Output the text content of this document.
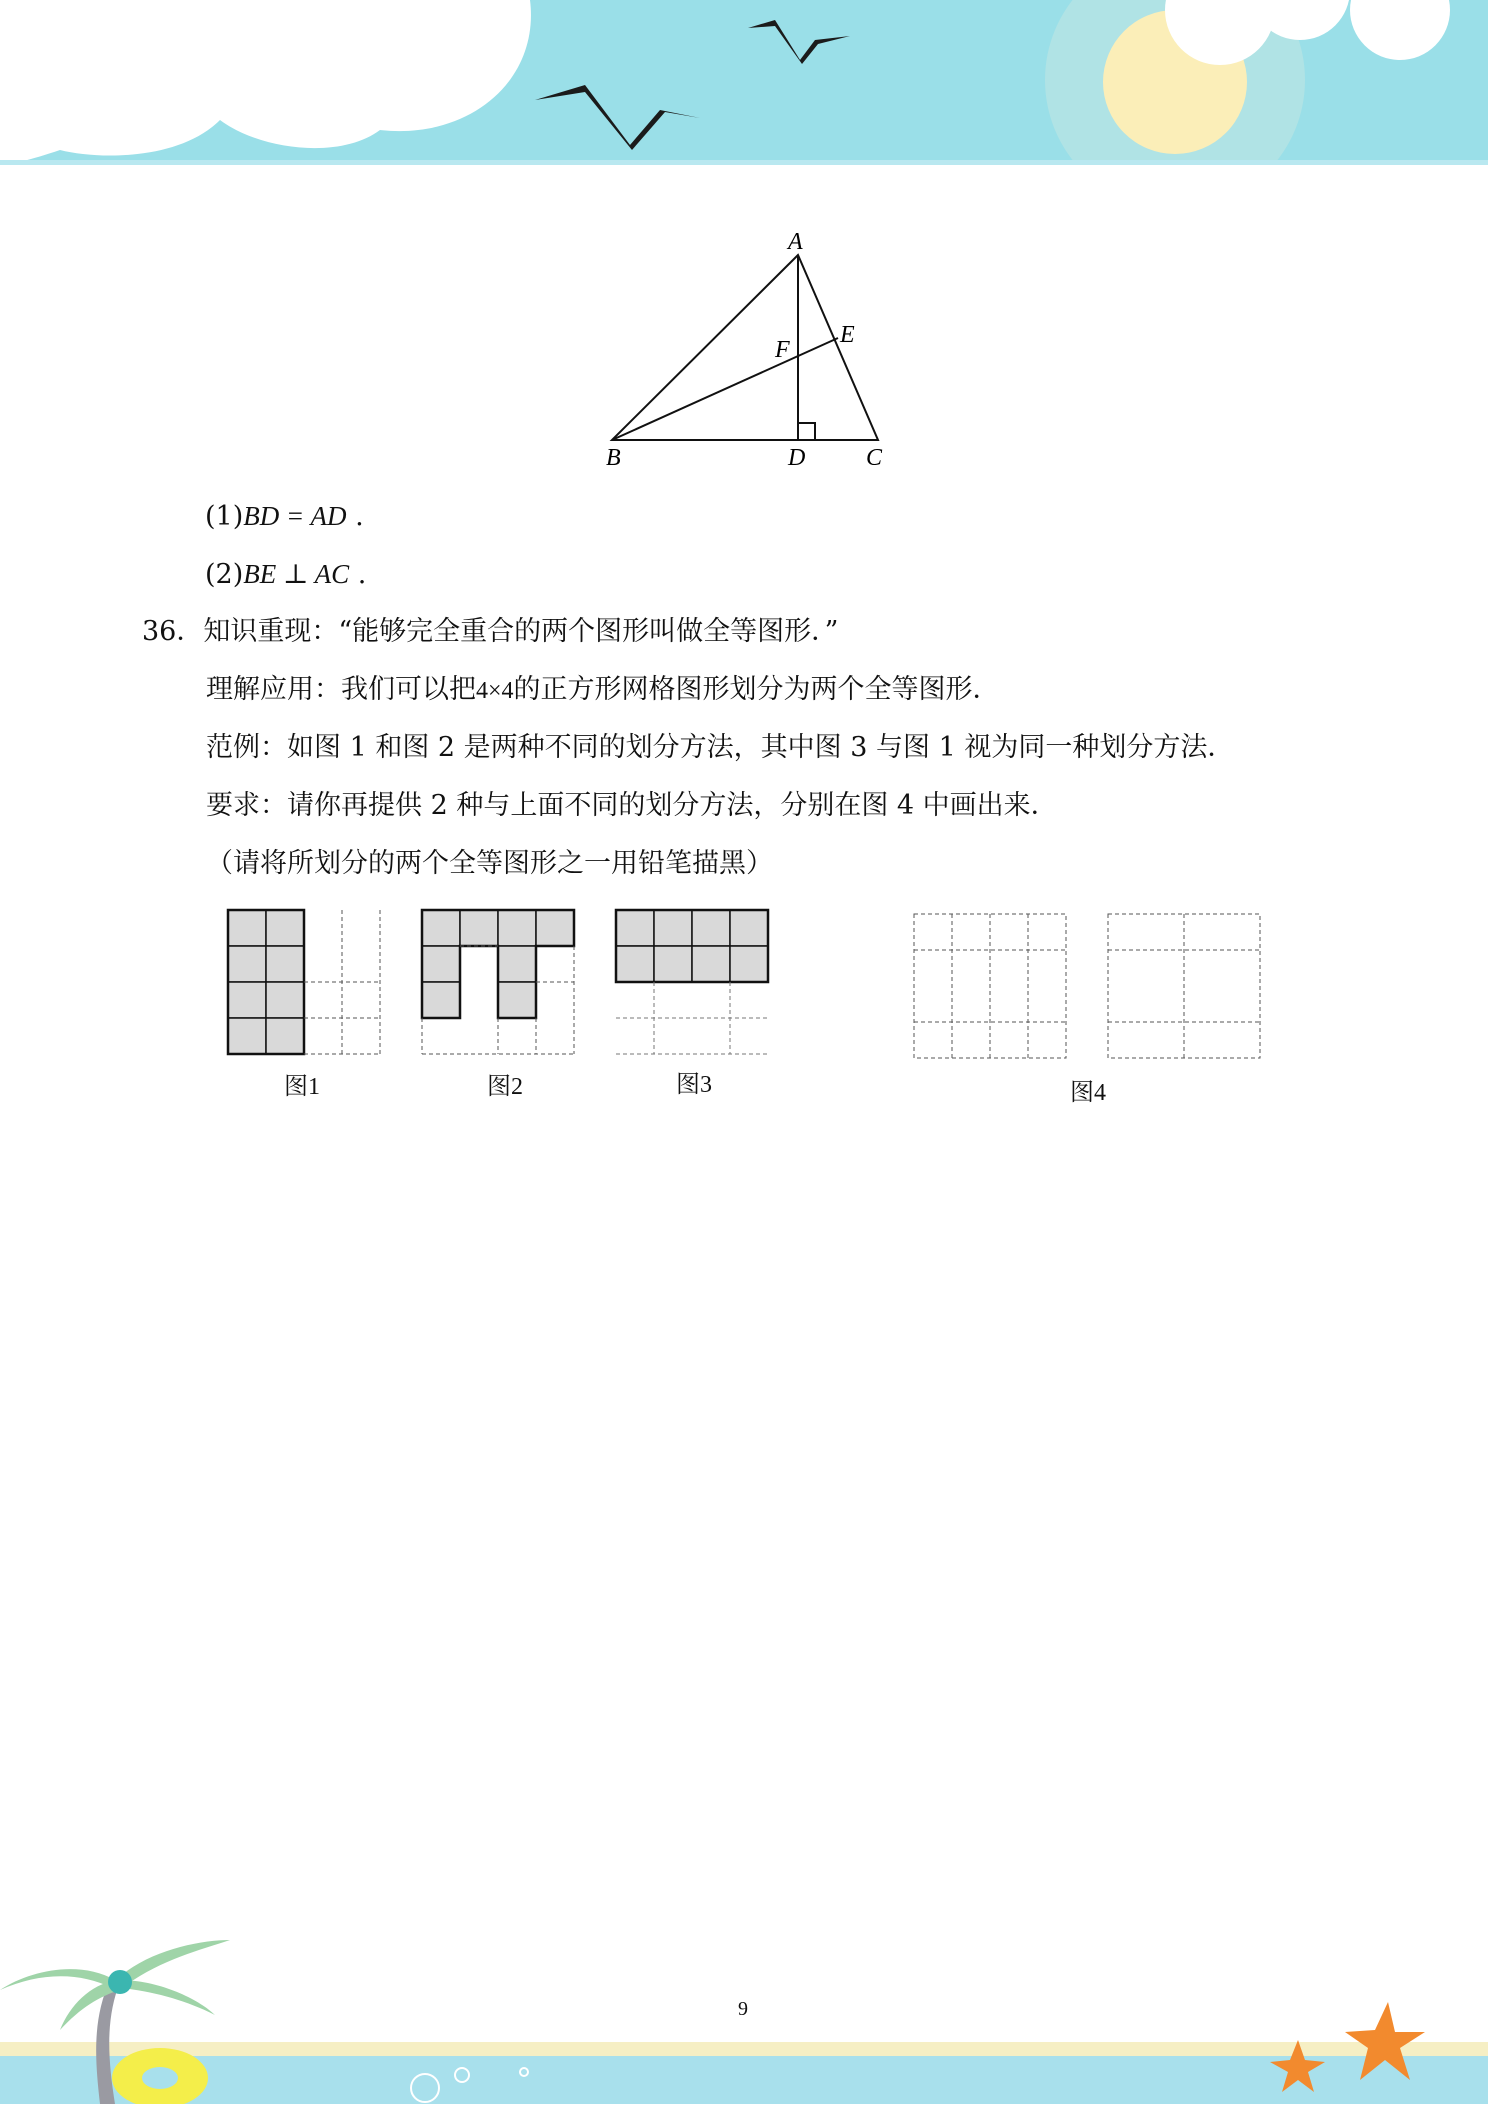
A
B	C
D
E
F
(1)BD = AD .
(2)BE ⊥ AC .
36．知识重现：“能够完全重合的两个图形叫做全等图形．”
理解应用：我们可以把4×4的正方形网格图形划分为两个全等图形．
范例：如图 1 和图 2 是两种不同的划分方法，其中图 3 与图 1 视为同一种划分方法．
要求：请你再提供 2 种与上面不同的划分方法，分别在图 4 中画出来．
（请将所划分的两个全等图形之一用铅笔描黑）
图1	图2	图3	图4
9
